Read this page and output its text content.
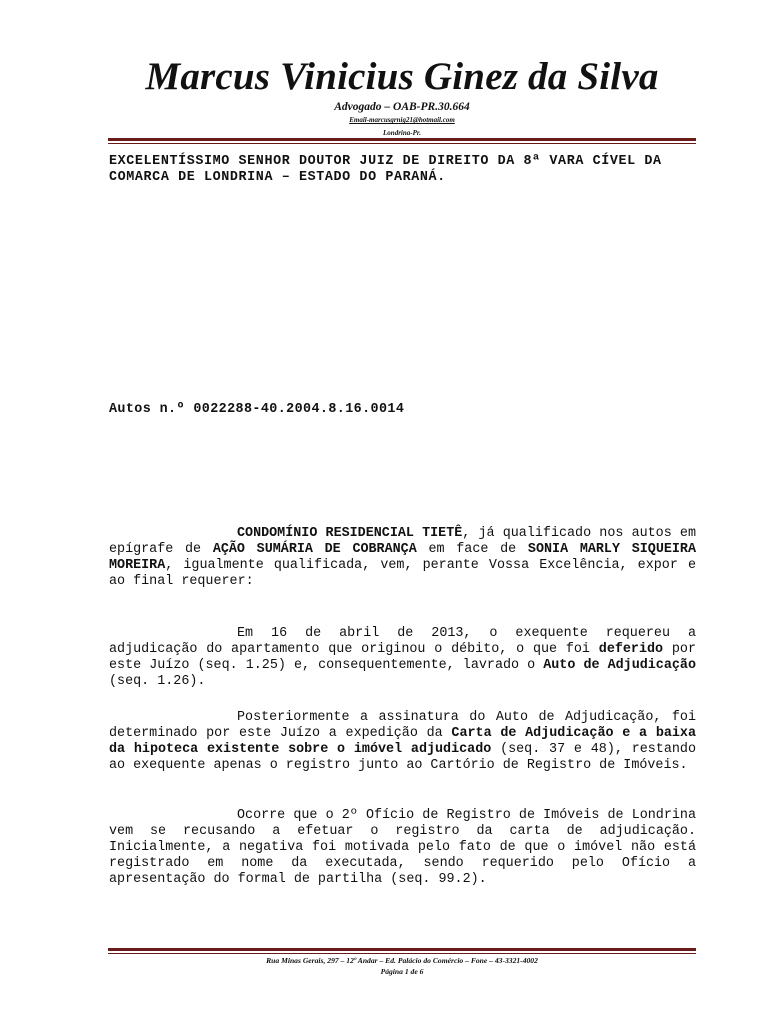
Marcus Vinicius Ginez da Silva
Advogado – OAB-PR.30.664
Email-marcusgrnig21@hotmail.com
Londrina-Pr.
EXCELENTÍSSIMO SENHOR DOUTOR JUIZ DE DIREITO DA 8ª VARA CÍVEL DA
COMARCA DE LONDRINA – ESTADO DO PARANÁ.
Autos n.º 0022288-40.2004.8.16.0014
CONDOMÍNIO RESIDENCIAL TIETÊ, já qualificado nos autos em epígrafe de AÇÃO SUMÁRIA DE COBRANÇA em face de SONIA MARLY SIQUEIRA MOREIRA, igualmente qualificada, vem, perante Vossa Excelência, expor e ao final requerer:
Em 16 de abril de 2013, o exequente requereu a adjudicação do apartamento que originou o débito, o que foi deferido por este Juízo (seq. 1.25) e, consequentemente, lavrado o Auto de Adjudicação (seq. 1.26).
Posteriormente a assinatura do Auto de Adjudicação, foi determinado por este Juízo a expedição da Carta de Adjudicação e a baixa da hipoteca existente sobre o imóvel adjudicado (seq. 37 e 48), restando ao exequente apenas o registro junto ao Cartório de Registro de Imóveis.
Ocorre que o 2º Ofício de Registro de Imóveis de Londrina vem se recusando a efetuar o registro da carta de adjudicação. Inicialmente, a negativa foi motivada pelo fato de que o imóvel não está registrado em nome da executada, sendo requerido pelo Ofício a apresentação do formal de partilha (seq. 99.2).
Rua Minas Gerais, 297 – 12º Andar – Ed. Palácio do Comércio – Fone – 43-3321-4002
Página 1 de 6
